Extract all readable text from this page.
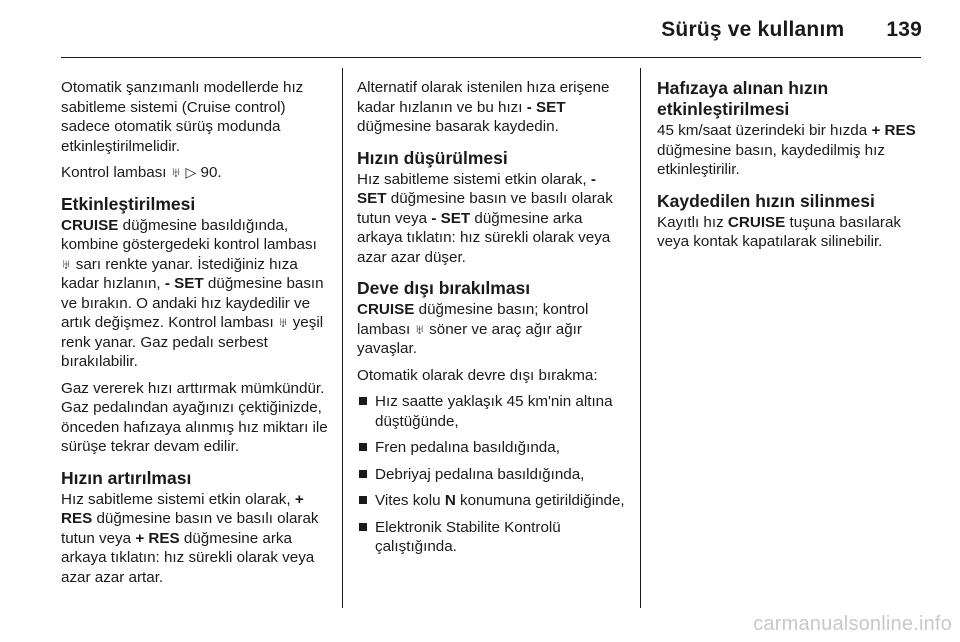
Sürüş ve kullanım 139

Otomatik şanzımanlı modellerde hız sabitleme sistemi (Cruise control) sadece otomatik sürüş modunda etkinleştirilmelidir.

Kontrol lambası ♅ ▷ 90.

Etkinleştirilmesi

CRUISE düğmesine basıldığında, kombine göstergedeki kontrol lambası ♅ sarı renkte yanar. İstediğiniz hıza kadar hızlanın, - SET düğmesine basın ve bırakın. O andaki hız kaydedilir ve artık değişmez. Kontrol lambası ♅ yeşil renk yanar. Gaz pedalı serbest bırakılabilir.

Gaz vererek hızı arttırmak mümkündür. Gaz pedalından ayağınızı çektiğinizde, önceden hafızaya alınmış hız miktarı ile sürüşe tekrar devam edilir.

Hızın artırılması

Hız sabitleme sistemi etkin olarak, + RES düğmesine basın ve basılı olarak tutun veya + RES düğmesine arka arkaya tıklatın: hız sürekli olarak veya azar azar artar.

Alternatif olarak istenilen hıza erişene kadar hızlanın ve bu hızı - SET düğmesine basarak kaydedin.

Hızın düşürülmesi

Hız sabitleme sistemi etkin olarak, - SET düğmesine basın ve basılı olarak tutun veya - SET düğmesine arka arkaya tıklatın: hız sürekli olarak veya azar azar düşer.

Deve dışı bırakılması

CRUISE düğmesine basın; kontrol lambası ♅ söner ve araç ağır ağır yavaşlar.

Otomatik olarak devre dışı bırakma:

Hız saatte yaklaşık 45 km'nin altına düştüğünde,
Fren pedalına basıldığında,
Debriyaj pedalına basıldığında,
Vites kolu N konumuna getirildiğinde,
Elektronik Stabilite Kontrolü çalıştığında.
Hafızaya alınan hızın etkinleştirilmesi

45 km/saat üzerindeki bir hızda + RES düğmesine basın, kaydedilmiş hız etkinleştirilir.

Kaydedilen hızın silinmesi

Kayıtlı hız CRUISE tuşuna basılarak veya kontak kapatılarak silinebilir.

carmanualsonline.info
